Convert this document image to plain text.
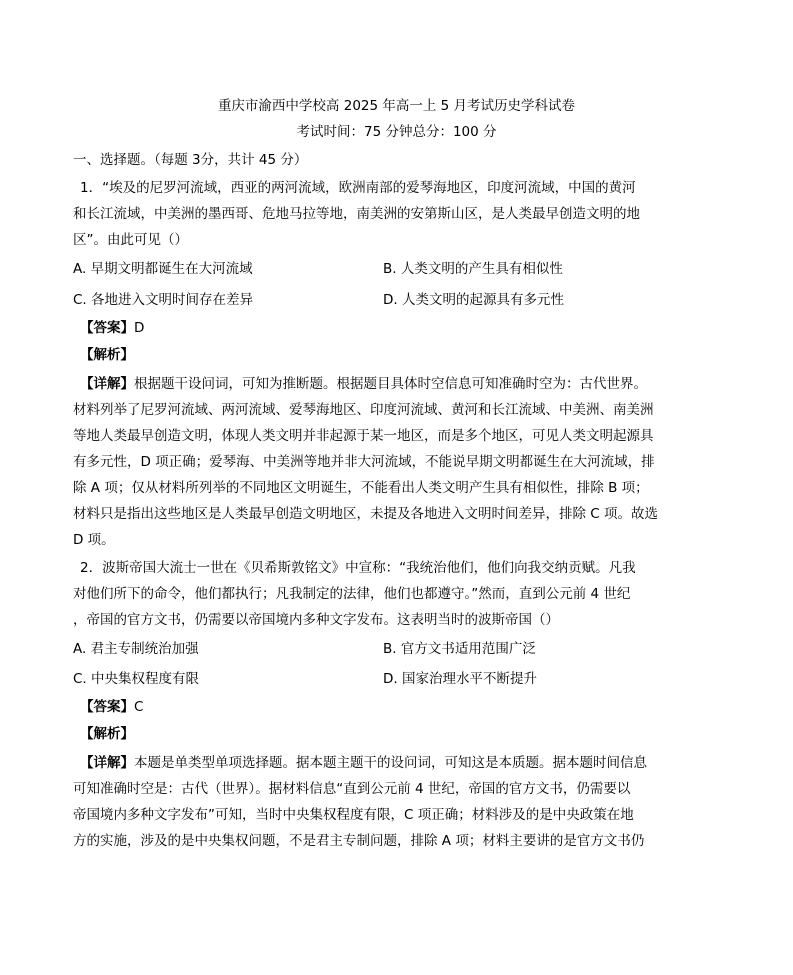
重庆市渝西中学校高 2025 年高一上 5 月考试历史学科试卷
考试时间：75 分钟总分：100 分
一、选择题。（每题 3分，共计 45 分）
1．“埃及的尼罗河流域，西亚的两河流域，欧洲南部的爱琴海地区，印度河流域，中国的黄河
和长江流域，中美洲的墨西哥、危地马拉等地，南美洲的安第斯山区，是人类最早创造文明的地
区”。由此可见（）
A. 早期文明都诞生在大河流域	B. 人类文明的产生具有相似性
C. 各地进入文明时间存在差异	D. 人类文明的起源具有多元性
【答案】D
【解析】
【详解】根据题干设问词，可知为推断题。根据题目具体时空信息可知准确时空为：古代世界。
材料列举了尼罗河流域、两河流域、爱琴海地区、印度河流域、黄河和长江流域、中美洲、南美洲
等地人类最早创造文明，体现人类文明并非起源于某一地区，而是多个地区，可见人类文明起源具
有多元性，D 项正确；爱琴海、中美洲等地并非大河流域，不能说早期文明都诞生在大河流域，排
除 A 项；仅从材料所列举的不同地区文明诞生，不能看出人类文明产生具有相似性，排除 B 项；
材料只是指出这些地区是人类最早创造文明地区，未提及各地进入文明时间差异，排除 C 项。故选
D 项。
2．波斯帝国大流士一世在《贝希斯敦铭文》中宣称：“我统治他们，他们向我交纳贡赋。凡我
对他们所下的命令，他们都执行；凡我制定的法律，他们也都遵守。”然而，直到公元前 4 世纪
，帝国的官方文书，仍需要以帝国境内多种文字发布。这表明当时的波斯帝国（）
A. 君主专制统治加强	B. 官方文书适用范围广泛
C. 中央集权程度有限	D. 国家治理水平不断提升
【答案】C
【解析】
【详解】本题是单类型单项选择题。据本题主题干的设问词，可知这是本质题。据本题时间信息
可知准确时空是：古代（世界）。据材料信息“直到公元前 4 世纪，帝国的官方文书，仍需要以
帝国境内多种文字发布”可知，当时中央集权程度有限，C 项正确；材料涉及的是中央政策在地
方的实施，涉及的是中央集权问题，不是君主专制问题，排除 A 项；材料主要讲的是官方文书仍
